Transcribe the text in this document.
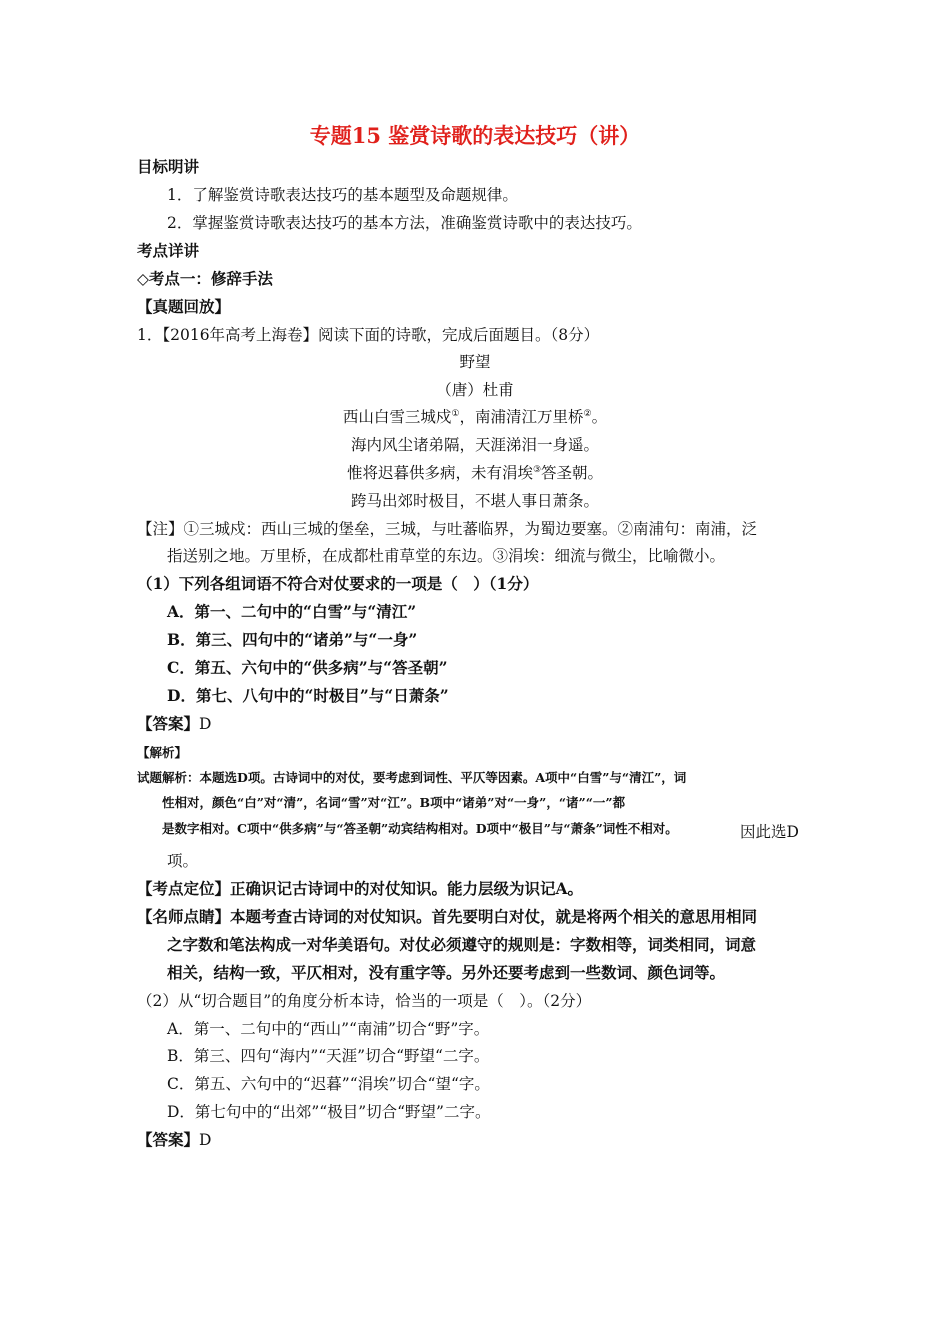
专题15 鉴赏诗歌的表达技巧（讲）
目标明讲
1．了解鉴赏诗歌表达技巧的基本题型及命题规律。
2．掌握鉴赏诗歌表达技巧的基本方法，准确鉴赏诗歌中的表达技巧。
考点详讲
◇考点一：修辞手法
【真题回放】
1．【2016年高考上海卷】阅读下面的诗歌，完成后面题目。（8分）
野望
（唐）杜甫
西山白雪三城戍①，南浦清江万里桥②。
海内风尘诸弟隔，天涯涕泪一身遥。
惟将迟暮供多病，未有涓埃③答圣朝。
跨马出郊时极目，不堪人事日萧条。
【注】①三城戍：西山三城的堡垒，三城，与吐蕃临界，为蜀边要塞。②南浦句：南浦，泛
指送别之地。万里桥，在成都杜甫草堂的东边。③涓埃：细流与微尘，比喻微小。
（1）下列各组词语不符合对仗要求的一项是（　）（1分）
A．第一、二句中的“白雪”与“清江”
B．第三、四句中的“诸弟”与“一身”
C．第五、六句中的“供多病”与“答圣朝”
D．第七、八句中的“时极目”与“日萧条”
【答案】D
【解析】
试题解析：本题选D项。古诗词中的对仗，要考虑到词性、平仄等因素。A项中“白雪”与“清江”，词
性相对，颜色“白”对“清”，名词“雪”对“江”。B项中“诸弟”对“一身”，“诸”“一”都
是数字相对。C项中“供多病”与“答圣朝”动宾结构相对。D项中“极目”与“萧条”词性不相对。	因此选D
项。
【考点定位】正确识记古诗词中的对仗知识。能力层级为识记A。
【名师点睛】本题考查古诗词的对仗知识。首先要明白对仗，就是将两个相关的意思用相同
之字数和笔法构成一对华美语句。对仗必须遵守的规则是：字数相等，词类相同，词意
相关，结构一致，平仄相对，没有重字等。另外还要考虑到一些数词、颜色词等。
（2）从“切合题目”的角度分析本诗，恰当的一项是（　）。（2分）
A．第一、二句中的“西山”“南浦”切合“野”字。
B．第三、四句“海内”“天涯”切合“野望“二字。
C．第五、六句中的“迟暮”“涓埃”切合“望“字。
D．第七句中的“出郊”“极目”切合“野望”二字。
【答案】D
